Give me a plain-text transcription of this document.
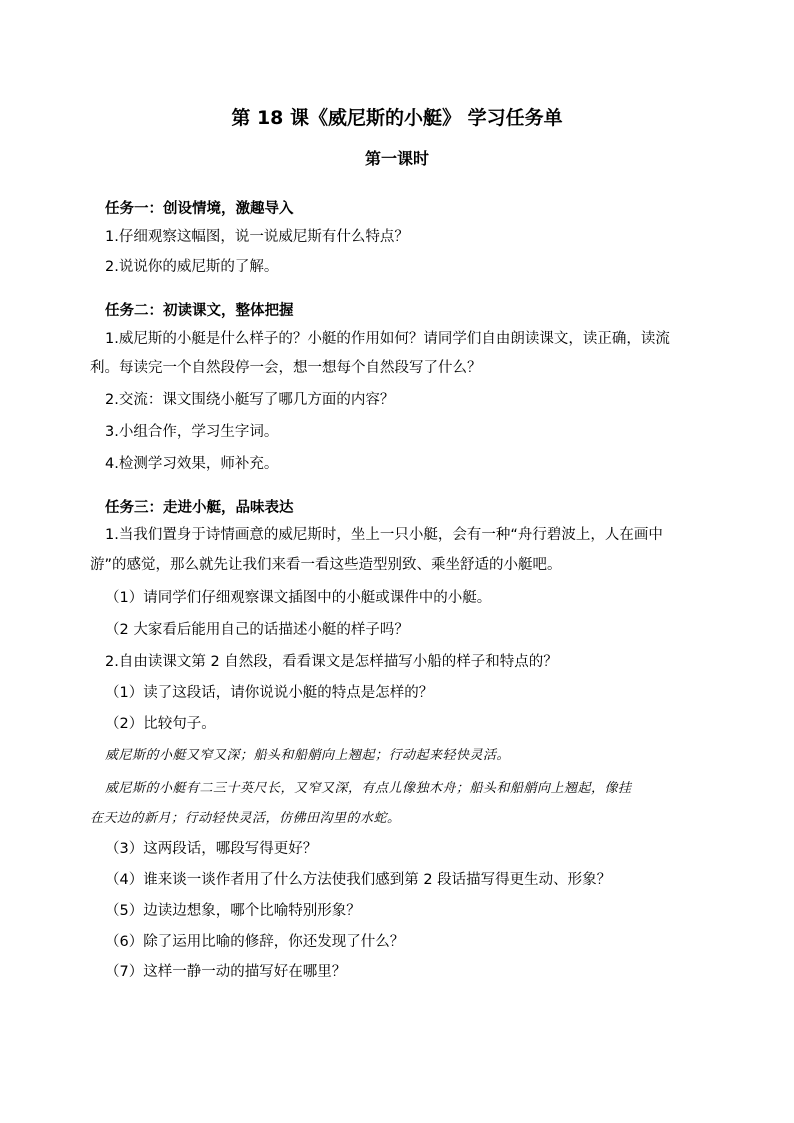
第 18 课《威尼斯的小艇》 学习任务单
第一课时
任务一：创设情境，激趣导入
1.仔细观察这幅图，说一说威尼斯有什么特点？
2.说说你的威尼斯的了解。
任务二：初读课文，整体把握
1.威尼斯的小艇是什么样子的？小艇的作用如何？请同学们自由朗读课文，读正确，读流
利。每读完一个自然段停一会，想一想每个自然段写了什么？
2.交流：课文围绕小艇写了哪几方面的内容？
3.小组合作，学习生字词。
4.检测学习效果，师补充。
任务三：走进小艇，品味表达
1.当我们置身于诗情画意的威尼斯时，坐上一只小艇，会有一种“舟行碧波上，人在画中
游”的感觉，那么就先让我们来看一看这些造型别致、乘坐舒适的小艇吧。
（1）请同学们仔细观察课文插图中的小艇或课件中的小艇。
（2 大家看后能用自己的话描述小艇的样子吗？
2.自由读课文第 2 自然段，看看课文是怎样描写小船的样子和特点的？
（1）读了这段话，请你说说小艇的特点是怎样的？
（2）比较句子。
威尼斯的小艇又窄又深；船头和船艄向上翘起；行动起来轻快灵活。
威尼斯的小艇有二三十英尺长，又窄又深，有点儿像独木舟；船头和船艄向上翘起，像挂
在天边的新月；行动轻快灵活，仿佛田沟里的水蛇。
（3）这两段话，哪段写得更好？
（4）谁来谈一谈作者用了什么方法使我们感到第 2 段话描写得更生动、形象？
（5）边读边想象，哪个比喻特别形象？
（6）除了运用比喻的修辞，你还发现了什么？
（7）这样一静一动的描写好在哪里？
